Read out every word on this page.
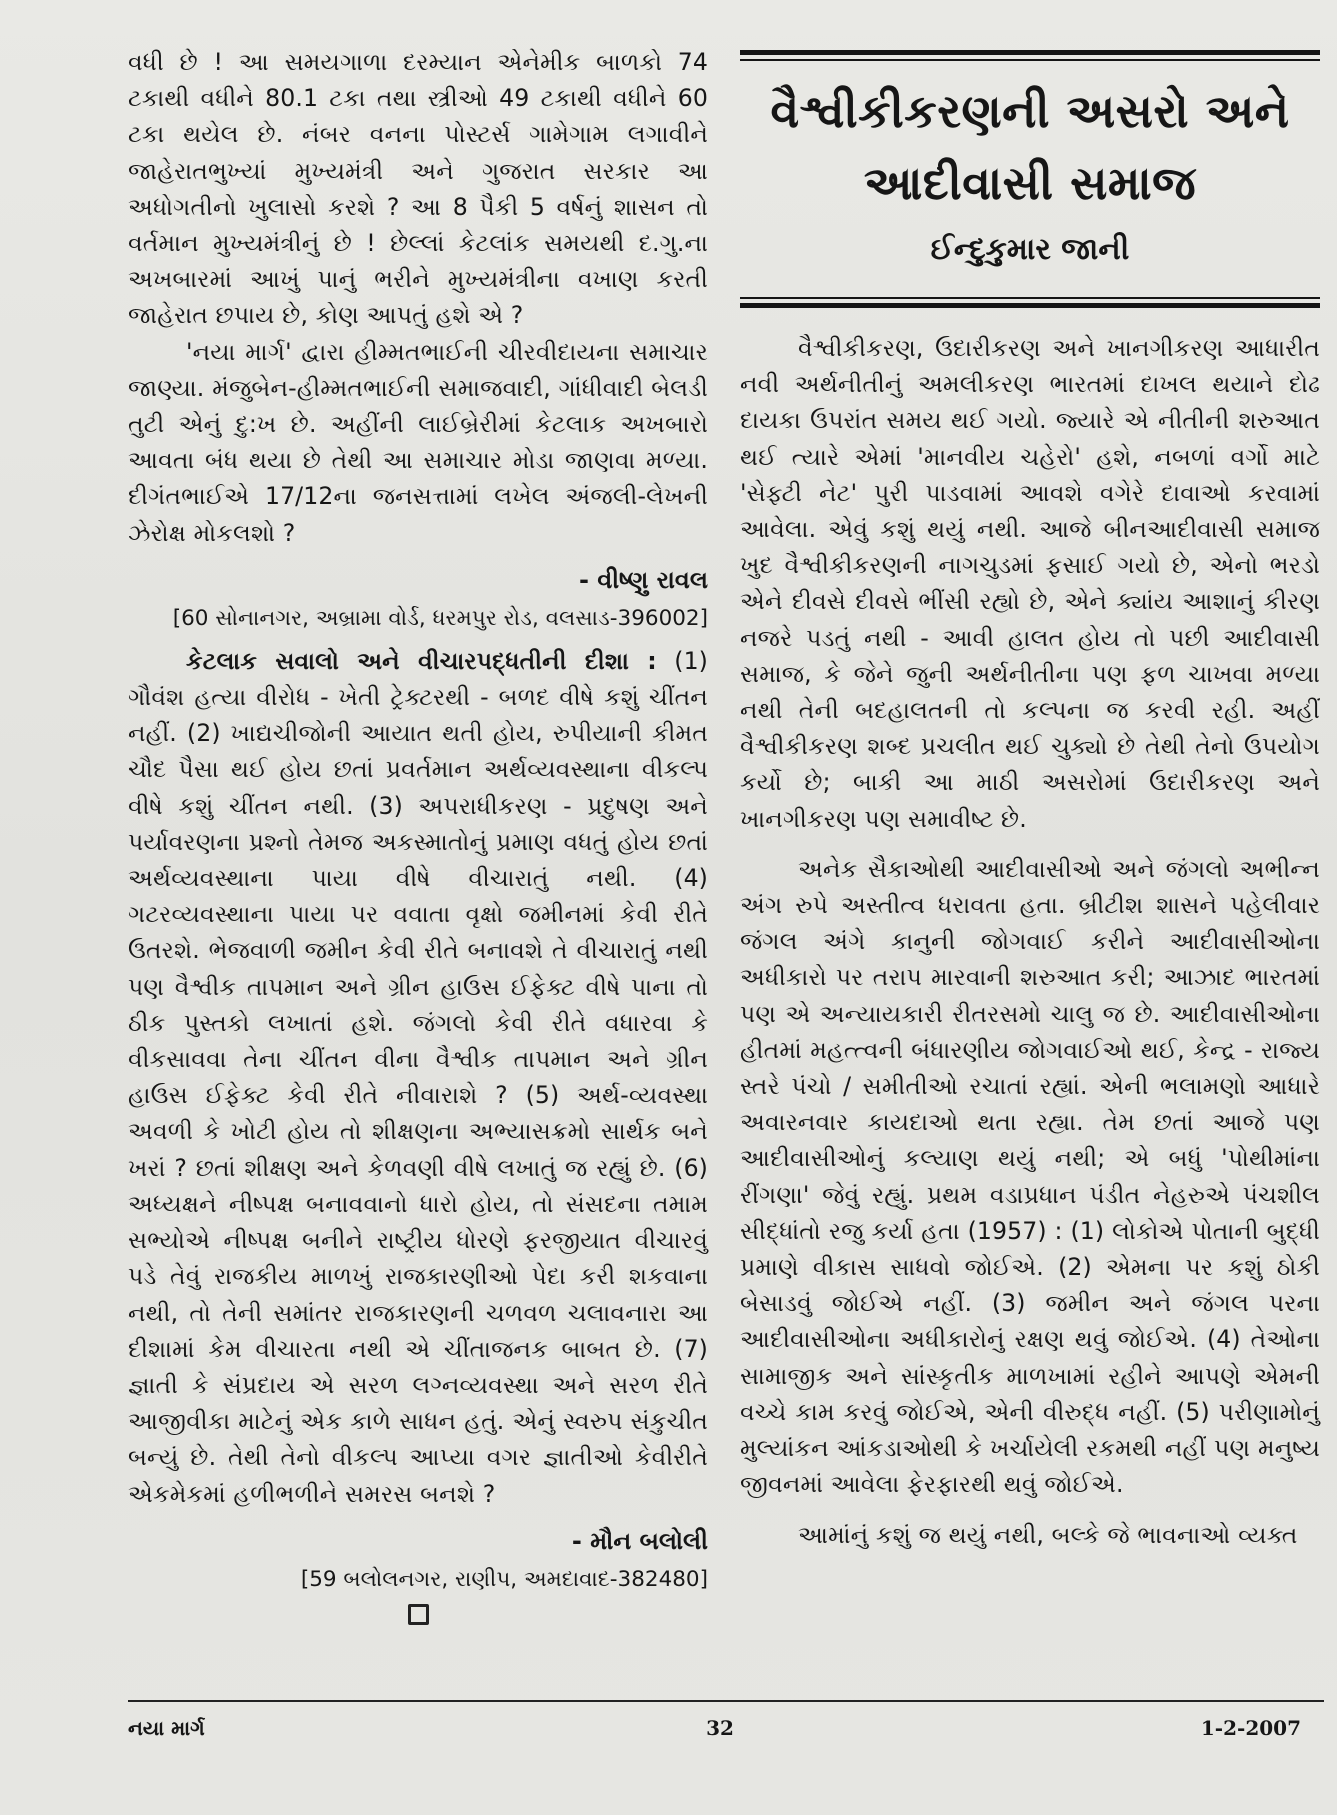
વધી છે ! આ સમયગાળા દરમ્યાન એનેમીક બાળકો 74 ટકાથી વધીને 80.1 ટકા તથા સ્ત્રીઓ 49 ટકાથી વધીને 60 ટકા થયેલ છે. નંબર વનના પોસ્ટર્સ ગામેગામ લગાવીને જાહેરાતભુખ્યાં મુખ્યમંત્રી અને ગુજરાત સરકાર આ અધોગતીનો ખુલાસો કરશે ? આ 8 પૈકી 5 વર્ષનું શાસન તો વર્તમાન મુખ્યમંત્રીનું છે ! છેલ્લાં કેટલાંક સમયથી દ.ગુ.ના અખબારમાં આખું પાનું ભરીને મુખ્યમંત્રીના વખાણ કરતી જાહેરાત છપાય છે, કોણ આપતું હશે એ ?

'નયા માર્ગ' દ્વારા હીમ્મતભાઈની ચીરવીદાયના સમાચાર જાણ્યા. મંજુબેન-હીમ્મતભાઈની સમાજવાદી, ગાંધીવાદી બેલડી તુટી એનું દુ:ખ છે. અહીંની લાઈબ્રેરીમાં કેટલાક અખબારો આવતા બંધ થયા છે તેથી આ સમાચાર મોડા જાણવા મળ્યા. દીગંતભાઈએ 17/12ના જનસત્તામાં લખેલ અંજલી-લેખની ઝેરોક્ષ મોકલશો ?

- વીષ્ણુ રાવલ
[60 સોનાનગર, અબ્રામા વોર્ડ, ધરમપુર રોડ, વલસાડ-396002]

કેટલાક સવાલો અને વીચારપદ્ધતીની દીશા : (1) ગૌવંશ હત્યા વીરોધ - ખેતી ટ્રેક્ટરથી - બળદ વીષે કશું ચીંતન નહીં. (2) ખાદ્યચીજોની આયાત થતી હોય, રુપીયાની કીમત ચૌદ પૈસા થઈ હોય છતાં પ્રવર્તમાન અર્થવ્યવસ્થાના વીકલ્પ વીષે કશું ચીંતન નથી. (3) અપરાધીકરણ - પ્રદુષણ અને પર્યાવરણના પ્રશ્નો તેમજ અકસ્માતોનું પ્રમાણ વધતું હોય છતાં અર્થવ્યવસ્થાના પાયા વીષે વીચારાતું નથી. (4) ગટરવ્યવસ્થાના પાયા પર વવાતા વૃક્ષો જમીનમાં કેવી રીતે ઉતરશે. ભેજવાળી જમીન કેવી રીતે બનાવશે તે વીચારાતું નથી પણ વૈશ્વીક તાપમાન અને ગ્રીન હાઉસ ઈફેક્ટ વીષે પાના તો ઠીક પુસ્તકો લખાતાં હશે. જંગલો કેવી રીતે વધારવા કે વીકસાવવા તેના ચીંતન વીના વૈશ્વીક તાપમાન અને ગ્રીન હાઉસ ઈફેક્ટ કેવી રીતે નીવારાશે ? (5) અર્થ-વ્યવસ્થા અવળી કે ખોટી હોય તો શીક્ષણના અભ્યાસક્રમો સાર્થક બને ખરાં ? છતાં શીક્ષણ અને કેળવણી વીષે લખાતું જ રહ્યું છે. (6) અધ્યક્ષને નીષ્પક્ષ બનાવવાનો ધારો હોય, તો સંસદના તમામ સભ્યોએ નીષ્પક્ષ બનીને રાષ્ટ્રીય ધોરણે ફરજીયાત વીચારવું પડે તેવું રાજકીય માળખું રાજકારણીઓ પેદા કરી શકવાના નથી, તો તેની સમાંતર રાજકારણની ચળવળ ચલાવનારા આ દીશામાં કેમ વીચારતા નથી એ ચીંતાજનક બાબત છે. (7) જ્ઞાતી કે સંપ્રદાય એ સરળ લગ્નવ્યવસ્થા અને સરળ રીતે આજીવીકા માટેનું એક કાળે સાધન હતું. એનું સ્વરુપ સંકુચીત બન્યું છે. તેથી તેનો વીકલ્પ આપ્યા વગર જ્ઞાતીઓ કેવીરીતે એકમેકમાં હળીભળીને સમરસ બનશે ?

- મૌન બલોલી
[59 બલોલનગર, રાણીપ, અમદાવાદ-382480]
વૈશ્વીકીકરણની અસરો અને
આદીવાસી સમાજ
ઈન્દુકુમાર જાની

વૈશ્વીકીકરણ, ઉદારીકરણ અને ખાનગીકરણ આધારીત નવી અર્થનીતીનું અમલીકરણ ભારતમાં દાખલ થયાને દોઢ દાયકા ઉપરાંત સમય થઈ ગયો. જ્યારે એ નીતીની શરુઆત થઈ ત્યારે એમાં 'માનવીય ચહેરો' હશે, નબળાં વર્ગો માટે 'સેફ્ટી નેટ' પુરી પાડવામાં આવશે વગેરે દાવાઓ કરવામાં આવેલા. એવું કશું થયું નથી. આજે બીનઆદીવાસી સમાજ ખુદ વૈશ્વીકીકરણની નાગચુડમાં ફસાઈ ગયો છે, એનો ભરડો એને દીવસે દીવસે ભીંસી રહ્યો છે, એને ક્યાંય આશાનું કીરણ નજરે પડતું નથી - આવી હાલત હોય તો પછી આદીવાસી સમાજ, કે જેને જુની અર્થનીતીના પણ ફળ ચાખવા મળ્યા નથી તેની બદહાલતની તો કલ્પના જ કરવી રહી. અહીં વૈશ્વીકીકરણ શબ્દ પ્રચલીત થઈ ચુક્યો છે તેથી તેનો ઉપયોગ કર્યો છે; બાકી આ માઠી અસરોમાં ઉદારીકરણ અને ખાનગીકરણ પણ સમાવીષ્ટ છે.

અનેક સૈકાઓથી આદીવાસીઓ અને જંગલો અભીન્ન અંગ રુપે અસ્તીત્વ ધરાવતા હતા. બ્રીટીશ શાસને પહેલીવાર જંગલ અંગે કાનુની જોગવાઈ કરીને આદીવાસીઓના અધીકારો પર તરાપ મારવાની શરુઆત કરી; આઝાદ ભારતમાં પણ એ અન્યાયકારી રીતરસમો ચાલુ જ છે. આદીવાસીઓના હીતમાં મહત્ત્વની બંધારણીય જોગવાઈઓ થઈ, કેન્દ્ર - રાજ્ય સ્તરે પંચો / સમીતીઓ રચાતાં રહ્યાં. એની ભલામણો આધારે અવારનવાર કાયદાઓ થતા રહ્યા. તેમ છતાં આજે પણ આદીવાસીઓનું કલ્યાણ થયું નથી; એ બધું 'પોથીમાંના રીંગણા' જેવું રહ્યું. પ્રથમ વડાપ્રધાન પંડીત નેહરુએ પંચશીલ સીદ્ધાંતો રજુ કર્યા હતા (1957) : (1) લોકોએ પોતાની બુદ્ધી પ્રમાણે વીકાસ સાધવો જોઈએ. (2) એમના પર કશું ઠોકી બેસાડવું જોઈએ નહીં. (3) જમીન અને જંગલ પરના આદીવાસીઓના અધીકારોનું રક્ષણ થવું જોઈએ. (4) તેઓના સામાજીક અને સાંસ્કૃતીક માળખામાં રહીને આપણે એમની વચ્ચે કામ કરવું જોઈએ, એની વીરુદ્ધ નહીં. (5) પરીણામોનું મુલ્યાંકન આંકડાઓથી કે ખર્ચાયેલી રકમથી નહીં પણ મનુષ્ય જીવનમાં આવેલા ફેરફારથી થવું જોઈએ.

આમાંનું કશું જ થયું નથી, બલ્કે જે ભાવનાઓ વ્યક્ત

નયા માર્ગ	32	1-2-2007
